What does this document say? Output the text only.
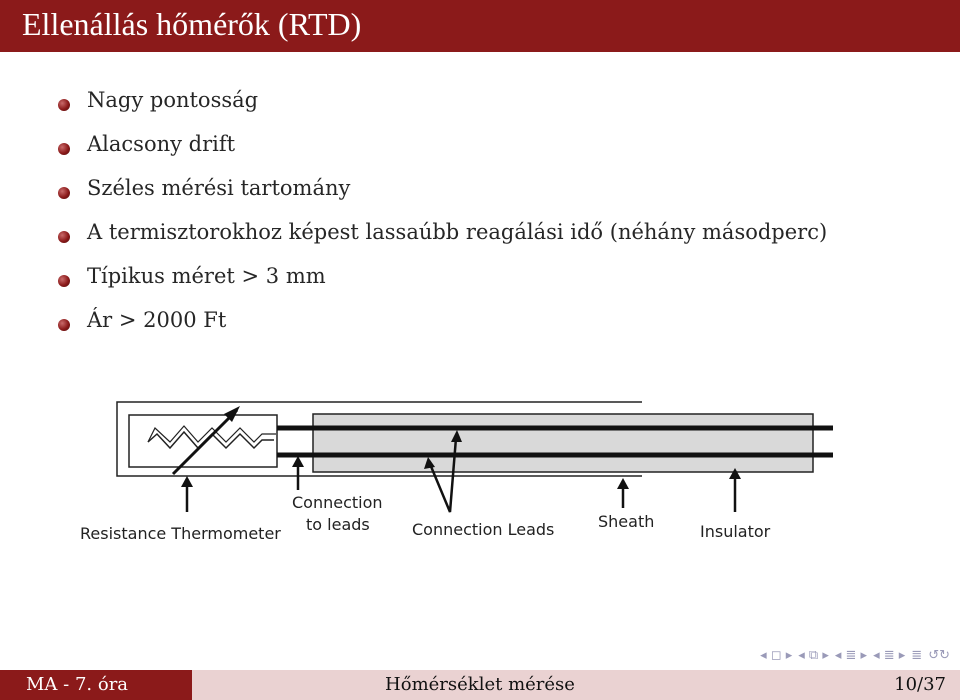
Ellenállás hőmérők (RTD)
Nagy pontosság
Alacsony drift
Széles mérési tartomány
A termisztorokhoz képest lassaúbb reagálási idő (néhány másodperc)
Típikus méret > 3 mm
Ár > 2000 Ft
Resistance Thermometer
Connection
to leads	Connection Leads	Sheath
Insulator
◂ ◻ ▸ ◂ ⧉ ▸ ◂ ≣ ▸ ◂ ≣ ▸ ≣ ↺↻
MA - 7. óra	Hőmérséklet mérése	10/37
